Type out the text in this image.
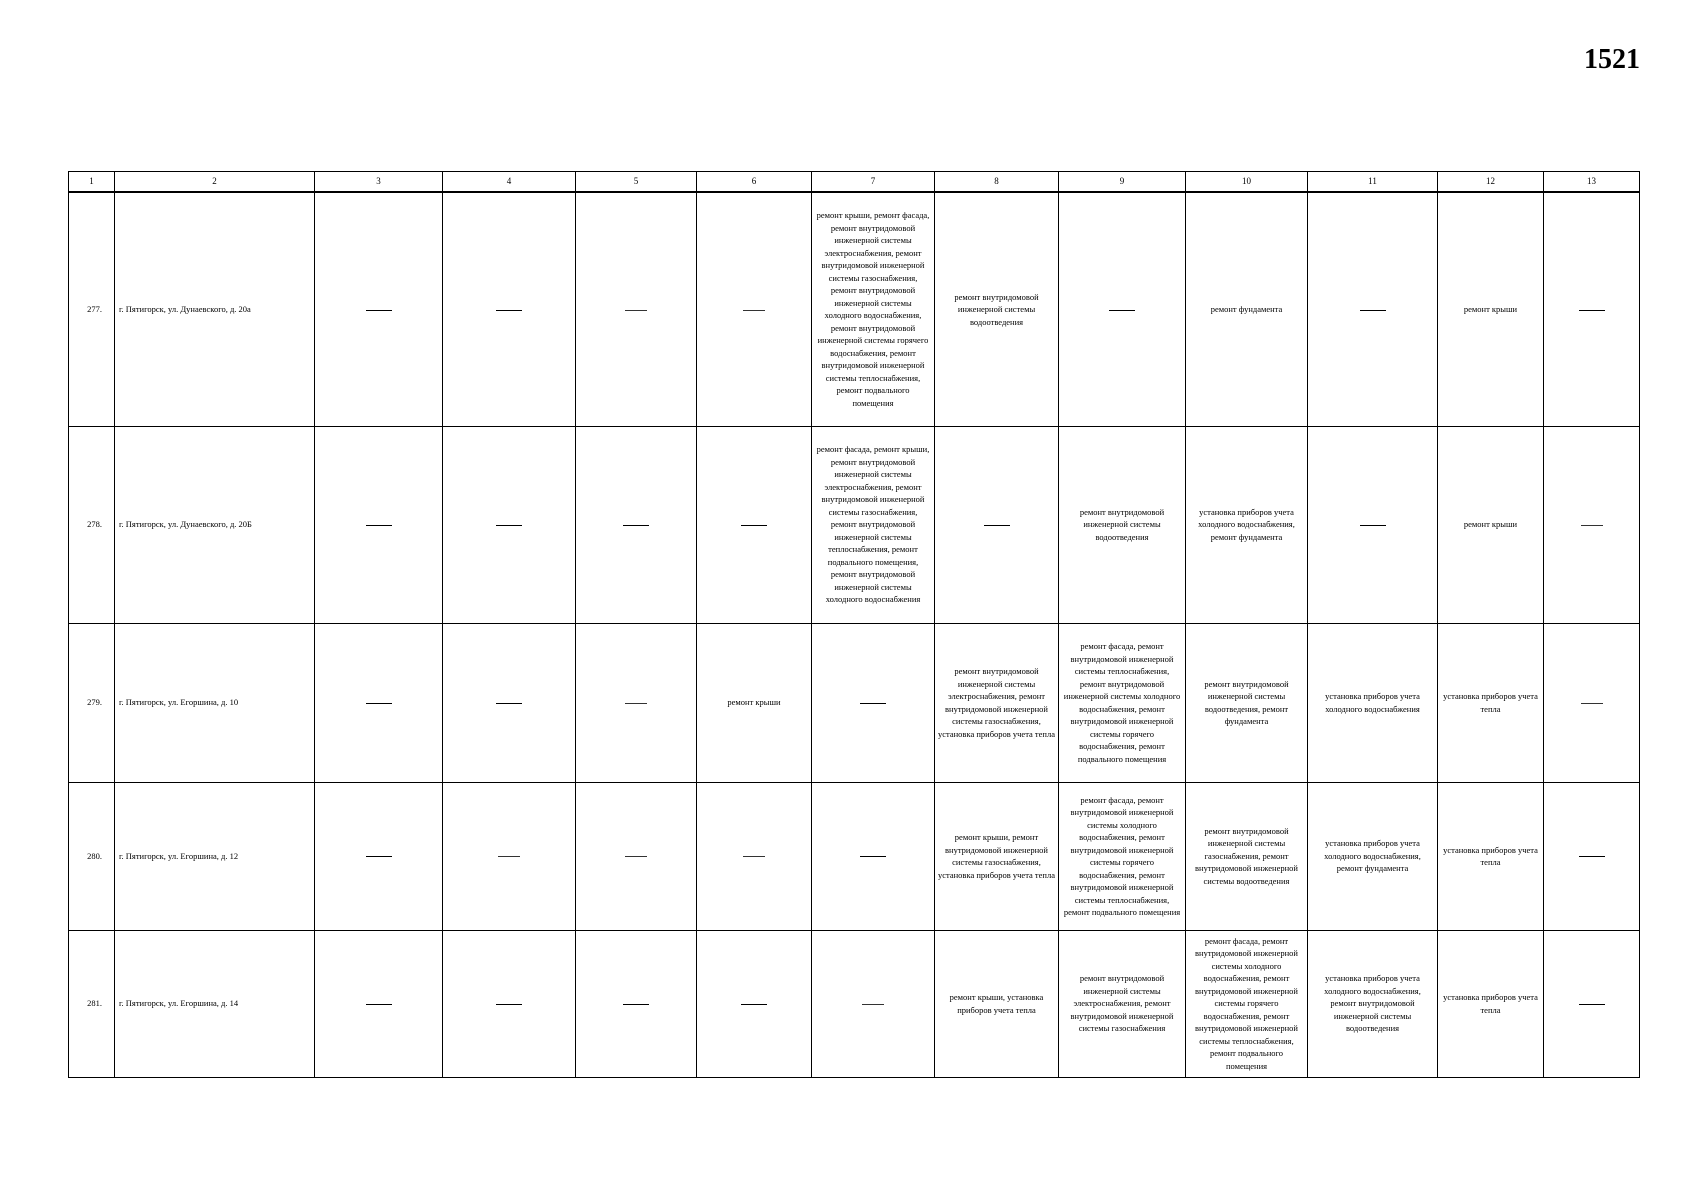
1521
1	2	3	4	5	6	7	8	9	10	11	12	13
277.	г. Пятигорск, ул. Дунаевского, д. 20а					ремонт крыши, ремонт фасада, ремонт внутридомовой инженерной системы электроснабжения, ремонт внутридомовой инженерной системы газоснабжения, ремонт внутридомовой инженерной системы холодного водоснабжения, ремонт внутридомовой инженерной системы горячего водоснабжения, ремонт внутридомовой инженерной системы теплоснабжения, ремонт подвального помещения	ремонт внутридомовой инженерной системы водоотведения		ремонт фундамента		ремонт крыши	
278.	г. Пятигорск, ул. Дунаевского, д. 20Б					ремонт фасада, ремонт крыши, ремонт внутридомовой инженерной системы электроснабжения, ремонт внутридомовой инженерной системы газоснабжения, ремонт внутридомовой инженерной системы теплоснабжения, ремонт подвального помещения, ремонт внутридомовой инженерной системы холодного водоснабжения		ремонт внутридомовой инженерной системы водоотведения	установка приборов учета холодного водоснабжения, ремонт фундамента		ремонт крыши	
279.	г. Пятигорск, ул. Егоршина, д. 10				ремонт крыши		ремонт внутридомовой инженерной системы электроснабжения, ремонт внутридомовой инженерной системы газоснабжения, установка приборов учета тепла	ремонт фасада, ремонт внутридомовой инженерной системы теплоснабжения, ремонт внутридомовой инженерной системы холодного водоснабжения, ремонт внутридомовой инженерной системы горячего водоснабжения, ремонт подвального помещения	ремонт внутридомовой инженерной системы водоотведения, ремонт фундамента	установка приборов учета холодного водоснабжения	установка приборов учета тепла	
280.	г. Пятигорск, ул. Егоршина, д. 12						ремонт крыши, ремонт внутридомовой инженерной системы газоснабжения, установка приборов учета тепла	ремонт фасада, ремонт внутридомовой инженерной системы холодного водоснабжения, ремонт внутридомовой инженерной системы горячего водоснабжения, ремонт внутридомовой инженерной системы теплоснабжения, ремонт подвального помещения	ремонт внутридомовой инженерной системы газоснабжения, ремонт внутридомовой инженерной системы водоотведения	установка приборов учета холодного водоснабжения, ремонт фундамента	установка приборов учета тепла	
281.	г. Пятигорск, ул. Егоршина, д. 14						ремонт крыши, установка приборов учета тепла	ремонт внутридомовой инженерной системы электроснабжения, ремонт внутридомовой инженерной системы газоснабжения	ремонт фасада, ремонт внутридомовой инженерной системы холодного водоснабжения, ремонт внутридомовой инженерной системы горячего водоснабжения, ремонт внутридомовой инженерной системы теплоснабжения, ремонт подвального помещения	установка приборов учета холодного водоснабжения, ремонт внутридомовой инженерной системы водоотведения	установка приборов учета тепла	
